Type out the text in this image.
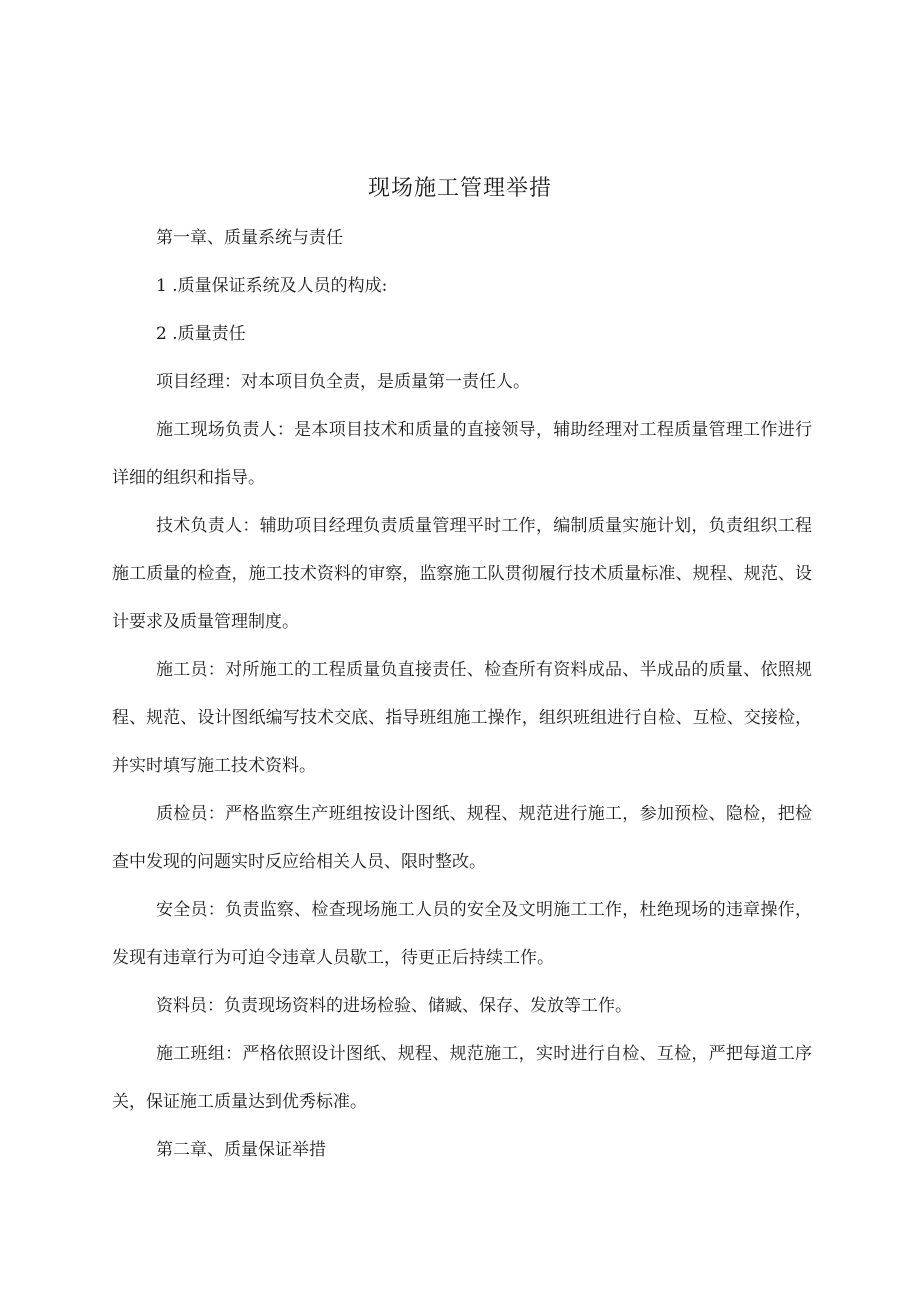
现场施工管理举措

第一章、质量系统与责任

1 .质量保证系统及人员的构成:

2 .质量责任

项目经理：对本项目负全责，是质量第一责任人。

施工现场负责人：是本项目技术和质量的直接领导，辅助经理对工程质量管理工作进行详细的组织和指导。

技术负责人：辅助项目经理负责质量管理平时工作，编制质量实施计划，负责组织工程施工质量的检查，施工技术资料的审察，监察施工队贯彻履行技术质量标准、规程、规范、设计要求及质量管理制度。

施工员：对所施工的工程质量负直接责任、检查所有资料成品、半成品的质量、依照规程、规范、设计图纸编写技术交底、指导班组施工操作，组织班组进行自检、互检、交接检，并实时填写施工技术资料。

质检员：严格监察生产班组按设计图纸、规程、规范进行施工，参加预检、隐检，把检查中发现的问题实时反应给相关人员、限时整改。

安全员：负责监察、检查现场施工人员的安全及文明施工工作，杜绝现场的违章操作，发现有违章行为可迫令违章人员歇工，待更正后持续工作。

资料员：负责现场资料的进场检验、储臧、保存、发放等工作。

施工班组：严格依照设计图纸、规程、规范施工，实时进行自检、互检，严把每道工序关，保证施工质量达到优秀标准。

第二章、质量保证举措
